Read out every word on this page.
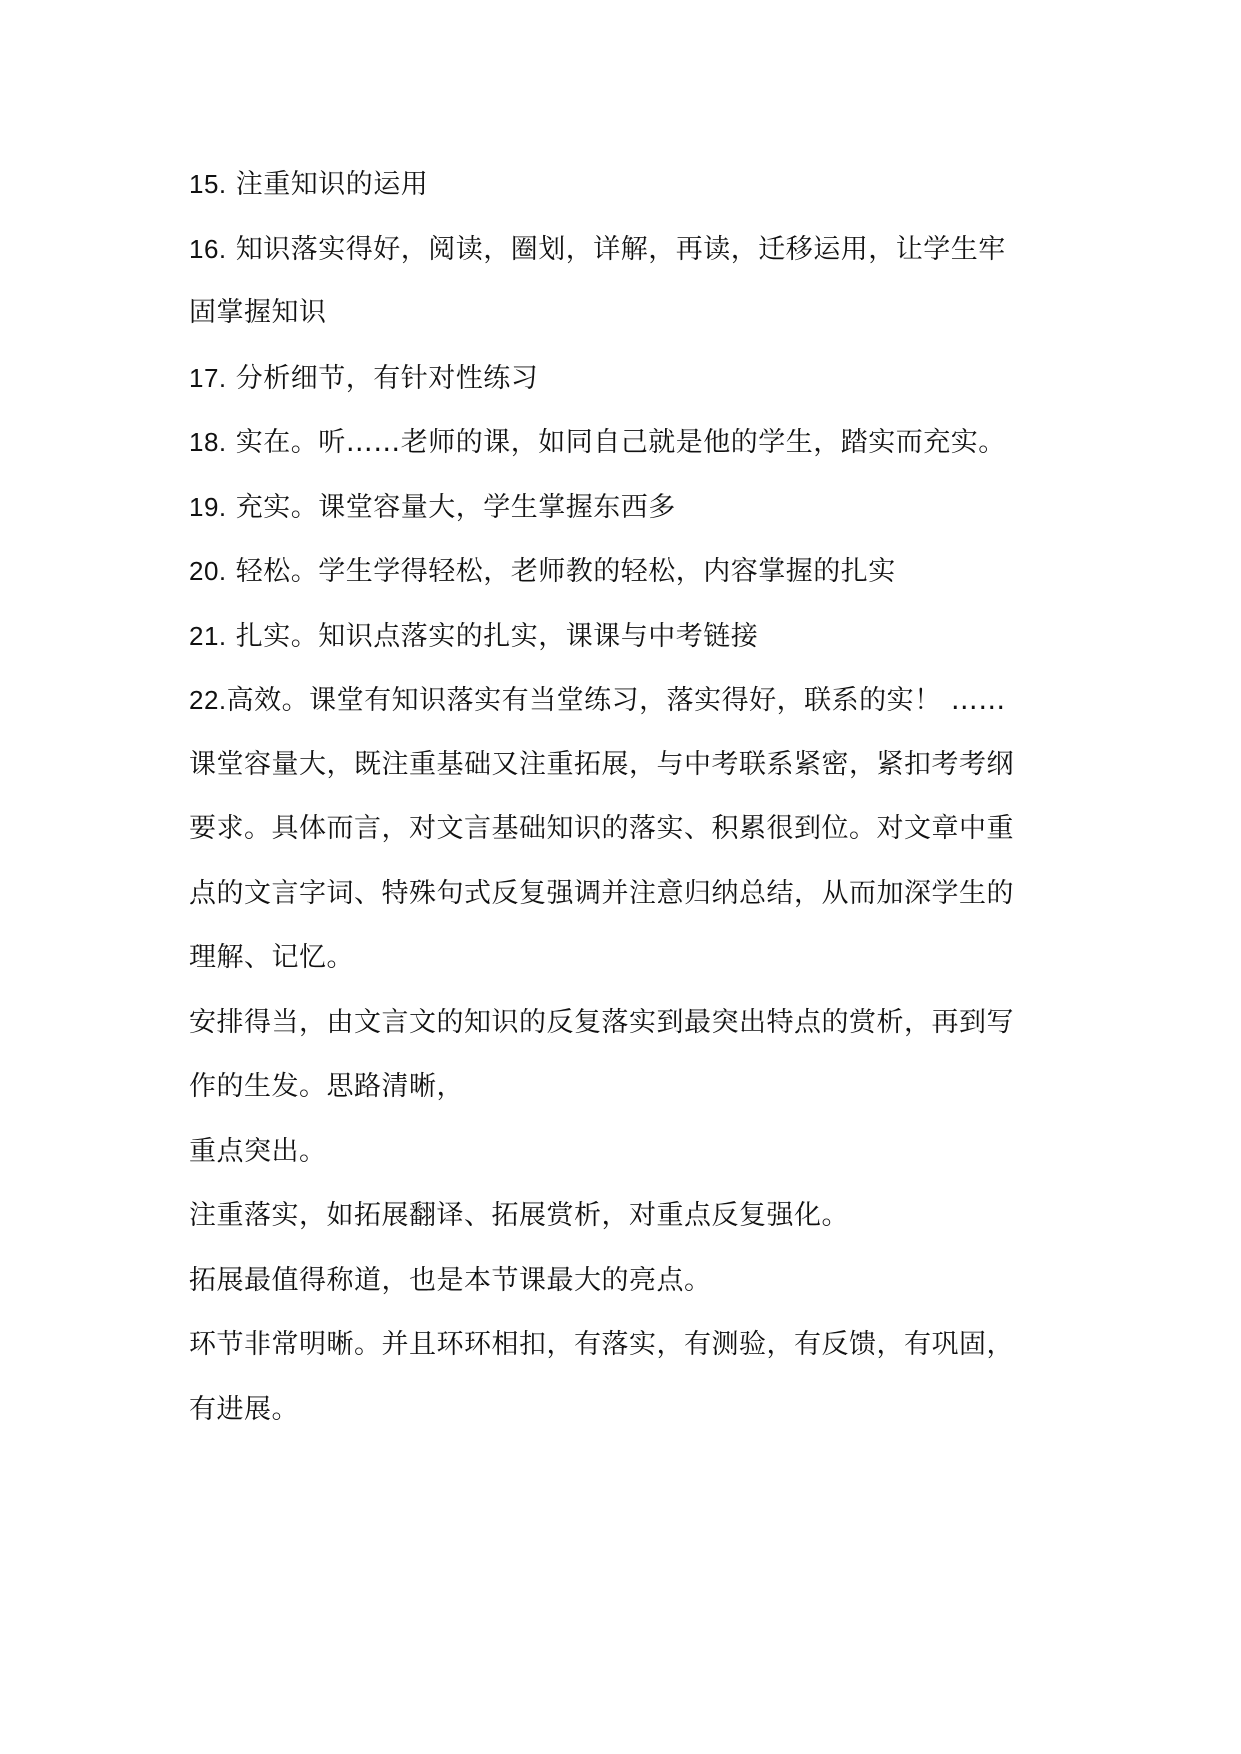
15. 注重知识的运用
16. 知识落实得好，阅读，圈划，详解，再读，迁移运用，让学生牢
固掌握知识
17. 分析细节，有针对性练习
18. 实在。听……老师的课，如同自己就是他的学生，踏实而充实。
19. 充实。课堂容量大，学生掌握东西多
20. 轻松。学生学得轻松，老师教的轻松，内容掌握的扎实
21. 扎实。知识点落实的扎实，课课与中考链接
22.高效。课堂有知识落实有当堂练习，落实得好，联系的实！ ……
课堂容量大，既注重基础又注重拓展，与中考联系紧密，紧扣考考纲
要求。具体而言，对文言基础知识的落实、积累很到位。对文章中重
点的文言字词、特殊句式反复强调并注意归纳总结，从而加深学生的
理解、记忆。
安排得当，由文言文的知识的反复落实到最突出特点的赏析，再到写
作的生发。思路清晰，
重点突出。
注重落实，如拓展翻译、拓展赏析，对重点反复强化。
拓展最值得称道，也是本节课最大的亮点。
环节非常明晰。并且环环相扣，有落实，有测验，有反馈，有巩固，
有进展。
